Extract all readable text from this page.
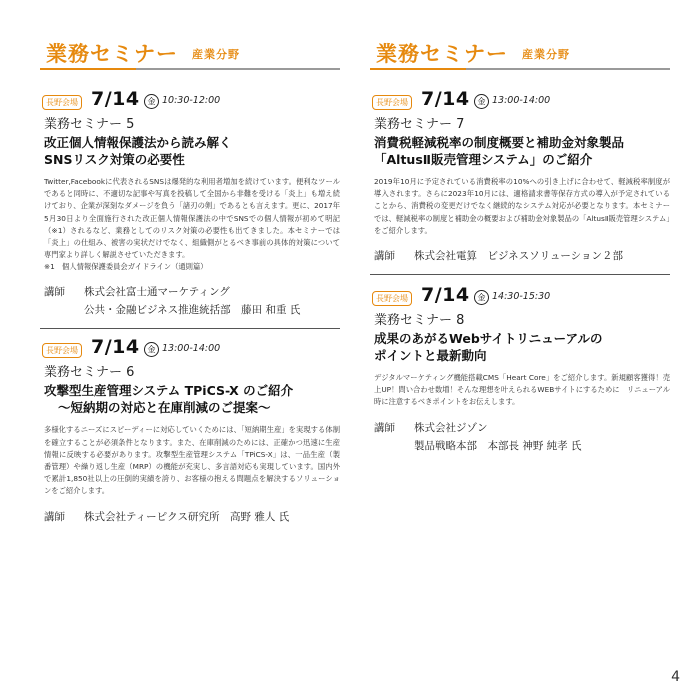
業務セミナー 産業分野
長野会場 7/14 金 10:30-12:00
業務セミナー 5
改正個人情報保護法から読み解く
SNSリスク対策の必要性
Twitter,Facebookに代表されるSNSは爆発的な利用者増加を続けています。便利なツールであると同時に、不適切な記事や写真を投稿して全国から非難を受ける「炎上」も増え続けており、企業が深刻なダメージを負う「諸刃の剣」であるとも言えます。更に、2017年5月30日より全面施行された改正個人情報保護法の中でSNSでの個人情報が初めて明記（※1）されるなど、業務としてのリスク対策の必要性も出てきました。本セミナーでは「炎上」の仕組み、被害の実状だけでなく、組織側がとるべき事前の具体的対策について専門家より詳しく解説させていただきます。
※1　個人情報保護委員会ガイドライン（通則篇）
講師 株式会社富士通マーケティング
公共・金融ビジネス推進統括部　藤田 和重 氏
長野会場 7/14 金 13:00-14:00
業務セミナー 6
攻撃型生産管理システム TPiCS-X のご紹介
〜短納期の対応と在庫削減のご提案〜
多様化するニーズにスピーディーに対応していくためには、「短納期生産」を実現する体制を確立することが必須条件となります。また、在庫削減のためには、正確かつ迅速に生産情報に反映する必要があります。攻撃型生産管理システム「TPiCS-X」は、一品生産（製番管理）や繰り返し生産（MRP）の機能が充実し、多言語対応も実現しています。国内外で累計1,850社以上の圧倒的実績を誇り、お客様の抱える問題点を解決するソリューションをご紹介します。
講師 株式会社ティーピクス研究所　高野 雅人 氏
業務セミナー 産業分野
長野会場 7/14 金 13:00-14:00
業務セミナー 7
消費税軽減税率の制度概要と補助金対象製品
「AltusⅡ販売管理システム」のご紹介
2019年10月に予定されている消費税率の10%への引き上げに合わせて、軽減税率制度が導入されます。さらに2023年10月には、適格請求書等保存方式の導入が予定されていることから、消費税の変更だけでなく継続的なシステム対応が必要となります。本セミナーでは、軽減税率の制度と補助金の概要および補助金対象製品の「AltusⅡ販売管理システム」をご紹介します。
講師 株式会社電算　ビジネスソリューション２部
長野会場 7/14 金 14:30-15:30
業務セミナー 8
成果のあがるWebサイトリニューアルの
ポイントと最新動向
デジタルマーケティング機能搭載CMS「Heart Core」をご紹介します。新規顧客獲得！売上UP！問い合わせ数増！そんな理想を叶えられるWEBサイトにするために　リニューアル時に注意するべきポイントをお伝えします。
講師 株式会社ジゾン
製品戦略本部　本部長 神野 純孝 氏
4
